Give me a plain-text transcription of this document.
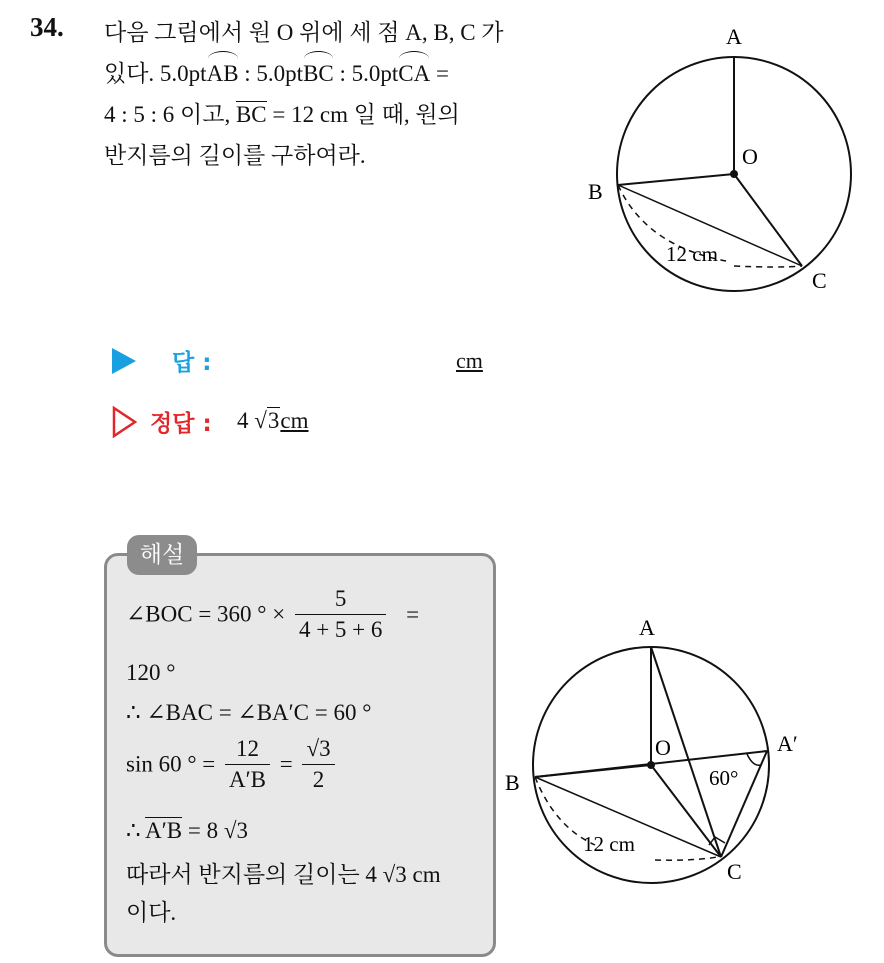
34. 다음 그림에서 원 O 위에 세 점 A, B, C 가
있다. 5.0ptAB : 5.0ptBC : 5.0ptCA =
4 : 5 : 6 이고, BC = 12 cm 일 때, 원의
반지름의 길이를 구하여라.
A
O
B
12 cm
C
답 :	cm
정답 : 4 √3cm
해설
∠BOC = 360 ° × $\frac{5}{4 + 5 + 6}$ =
120 °
∴ ∠BAC = ∠BA′C = 60 °
sin 60 ° = $\frac{12}{A'B} = \frac{√3}{2}$
∴ A′B = 8 √3
따라서 반지름의 길이는 4 √3 cm
이다.
A
O	A′
60°
B
12 cm
C
